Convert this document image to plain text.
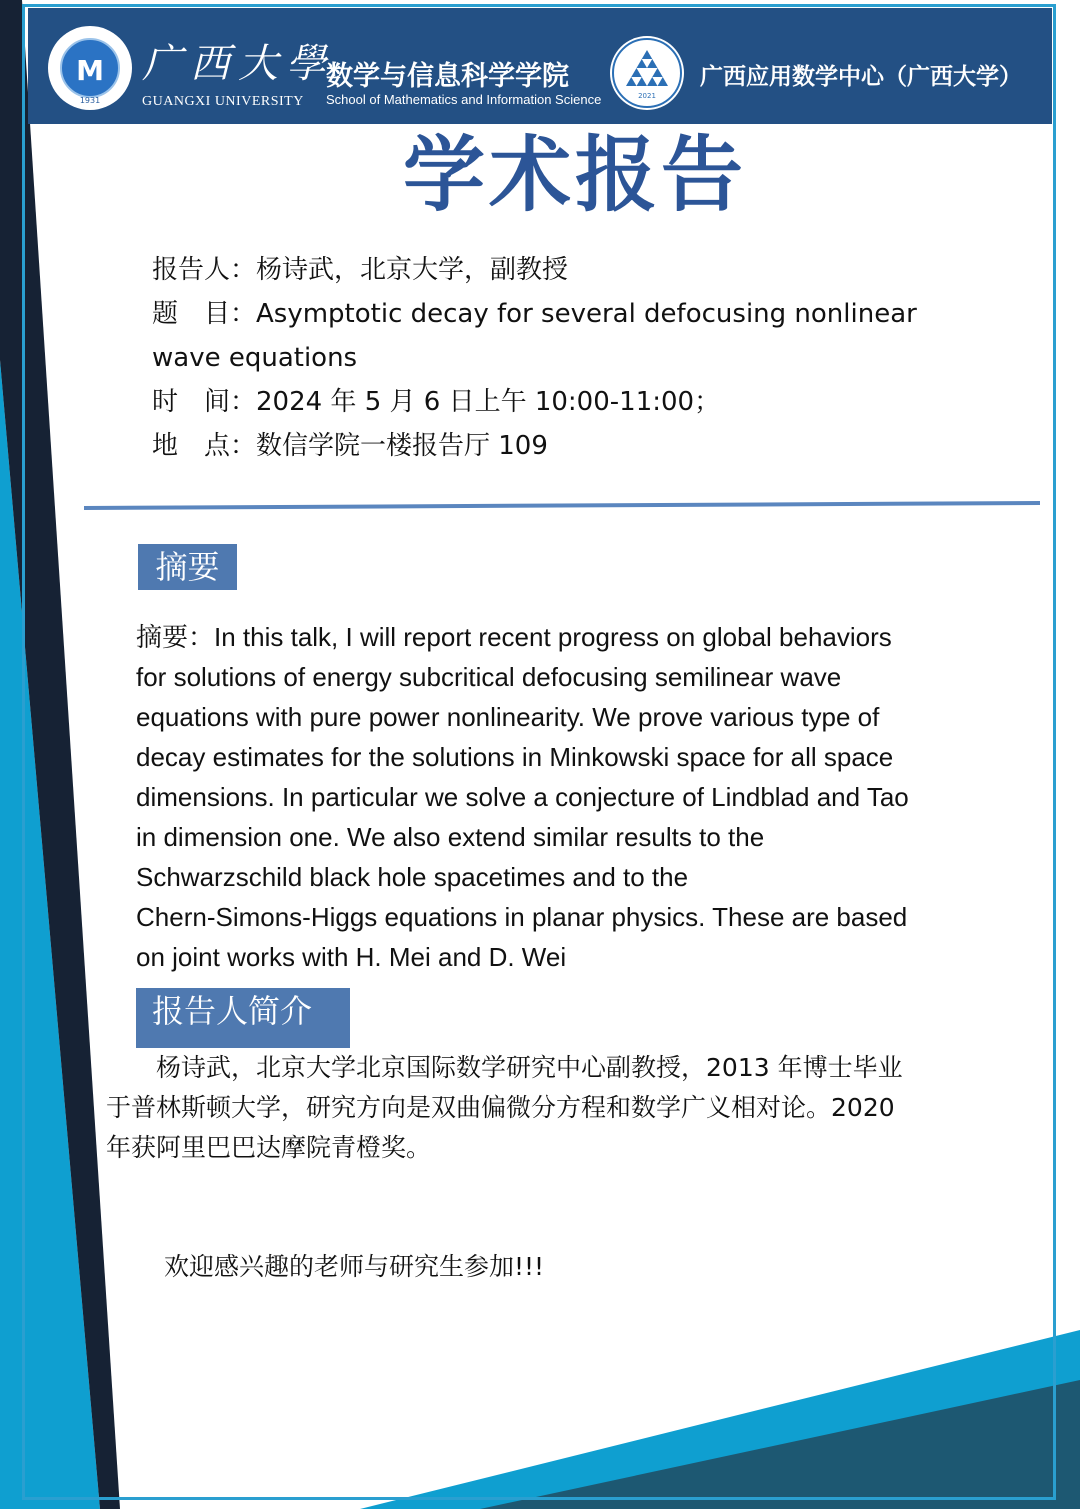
M
1931
广西大學
GUANGXI UNIVERSITY
数学与信息科学学院
School of Mathematics and Information Science	2021
广西应用数学中心（广西大学）
学术报告
报告人：杨诗武，北京大学，副教授
题　目：Asymptotic decay for several defocusing nonlinear
wave equations
时　间：2024 年 5 月 6 日上午 10:00-11:00；
地　点：数信学院一楼报告厅 109
摘要
摘要：In this talk, I will report recent progress on global behaviors
for solutions of energy subcritical defocusing semilinear wave
equations with pure power nonlinearity. We prove various type of
decay estimates for the solutions in Minkowski space for all space
dimensions. In particular we solve a conjecture of Lindblad and Tao
in dimension one. We also extend similar results to the
Schwarzschild black hole spacetimes and to the
Chern-Simons-Higgs equations in planar physics. These are based
on joint works with H. Mei and D. Wei
报告人简介
　　杨诗武，北京大学北京国际数学研究中心副教授，2013 年博士毕业
于普林斯顿大学，研究方向是双曲偏微分方程和数学广义相对论。2020
年获阿里巴巴达摩院青橙奖。
欢迎感兴趣的老师与研究生参加!!!
